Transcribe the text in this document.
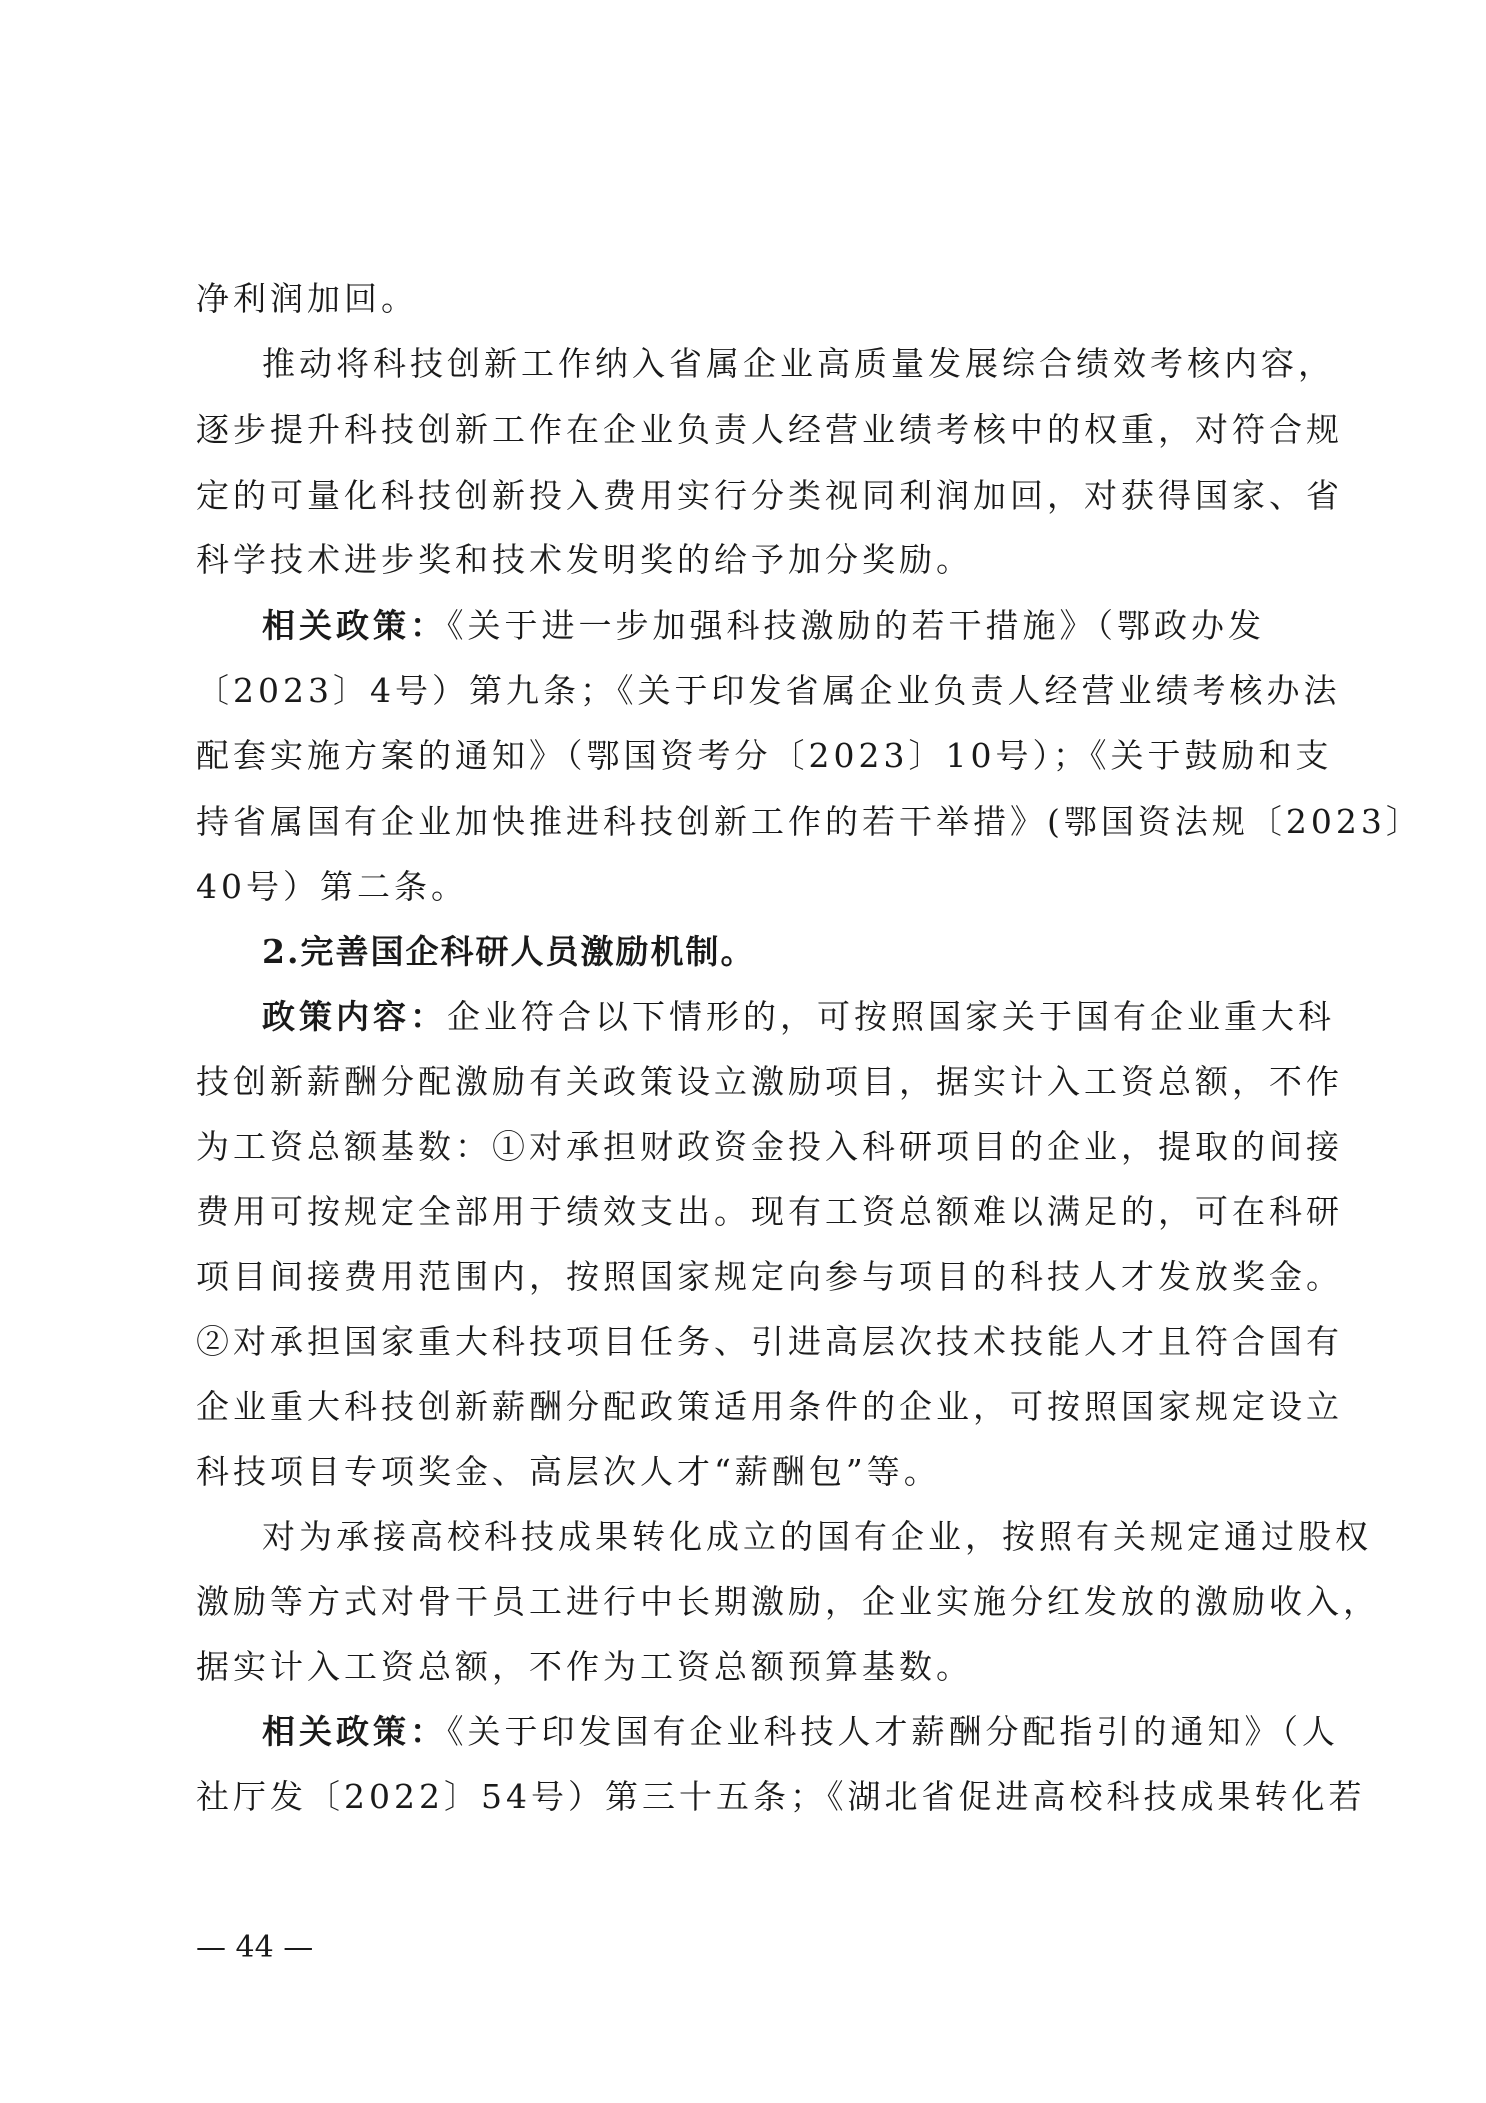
净利润加回。
推动将科技创新工作纳入省属企业高质量发展综合绩效考核内容，
逐步提升科技创新工作在企业负责人经营业绩考核中的权重，对符合规
定的可量化科技创新投入费用实行分类视同利润加回，对获得国家、省
科学技术进步奖和技术发明奖的给予加分奖励。
相关政策：《关于进一步加强科技激励的若干措施》（鄂政办发
〔2023〕4号）第九条；《关于印发省属企业负责人经营业绩考核办法
配套实施方案的通知》（鄂国资考分〔2023〕10号）；《关于鼓励和支
持省属国有企业加快推进科技创新工作的若干举措》(鄂国资法规〔2023〕
40号）第二条。
2.完善国企科研人员激励机制。
政策内容：企业符合以下情形的，可按照国家关于国有企业重大科
技创新薪酬分配激励有关政策设立激励项目，据实计入工资总额，不作
为工资总额基数：①对承担财政资金投入科研项目的企业，提取的间接
费用可按规定全部用于绩效支出。现有工资总额难以满足的，可在科研
项目间接费用范围内，按照国家规定向参与项目的科技人才发放奖金。
②对承担国家重大科技项目任务、引进高层次技术技能人才且符合国有
企业重大科技创新薪酬分配政策适用条件的企业，可按照国家规定设立
科技项目专项奖金、高层次人才“薪酬包”等。
对为承接高校科技成果转化成立的国有企业，按照有关规定通过股权
激励等方式对骨干员工进行中长期激励，企业实施分红发放的激励收入，
据实计入工资总额，不作为工资总额预算基数。
相关政策：《关于印发国有企业科技人才薪酬分配指引的通知》（人
社厅发〔2022〕54号）第三十五条；《湖北省促进高校科技成果转化若
— 44 —
